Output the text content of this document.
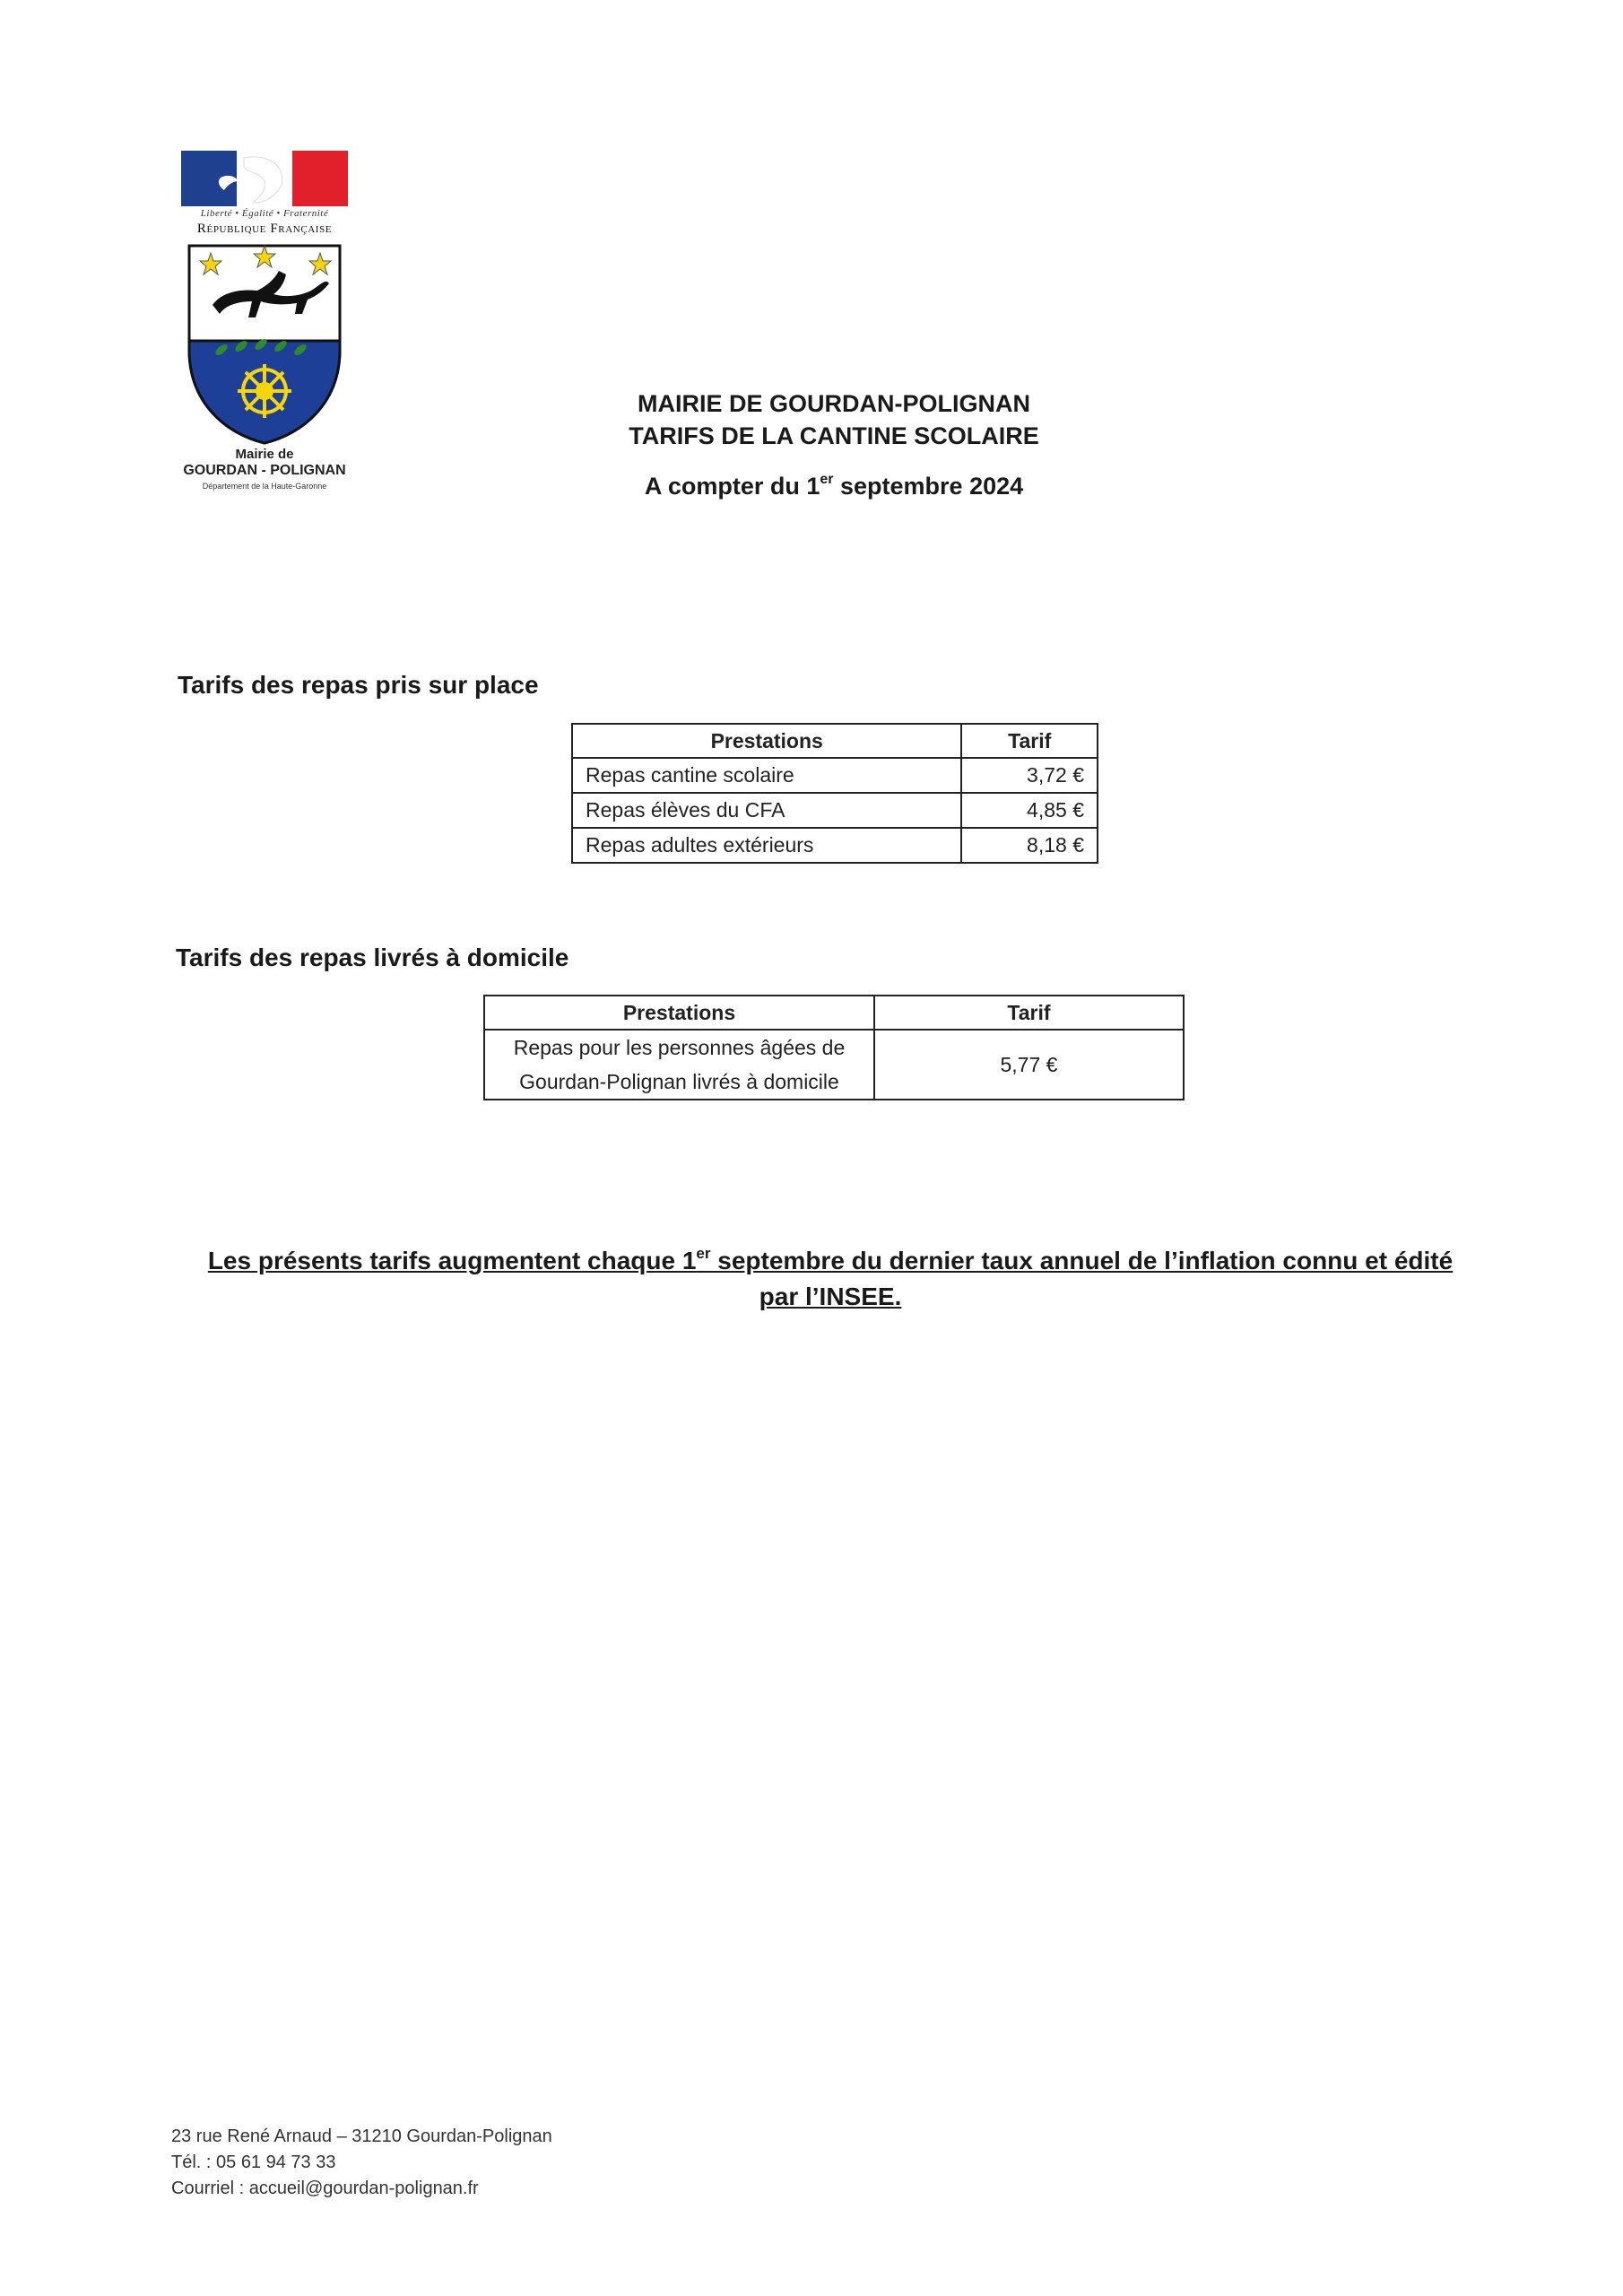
Liberté • Égalité • Fraternité
République Française
Mairie de
GOURDAN - POLIGNAN
Département de la Haute-Garonne
MAIRIE DE GOURDAN-POLIGNAN
TARIFS DE LA CANTINE SCOLAIRE
A compter du 1er septembre 2024
Tarifs des repas pris sur place
Prestations	Tarif
Repas cantine scolaire	3,72 €
Repas élèves du CFA	4,85 €
Repas adultes extérieurs	8,18 €
Tarifs des repas livrés à domicile
Prestations	Tarif

Repas pour les personnes âgées de
Gourdan-Polignan livrés à domicile	5,77 €
Les présents tarifs augmentent chaque 1er septembre du dernier taux annuel de l’inflation connu et édité
par l’INSEE.
23 rue René Arnaud – 31210 Gourdan-Polignan
Tél. : 05 61 94 73 33
Courriel : accueil@gourdan-polignan.fr
